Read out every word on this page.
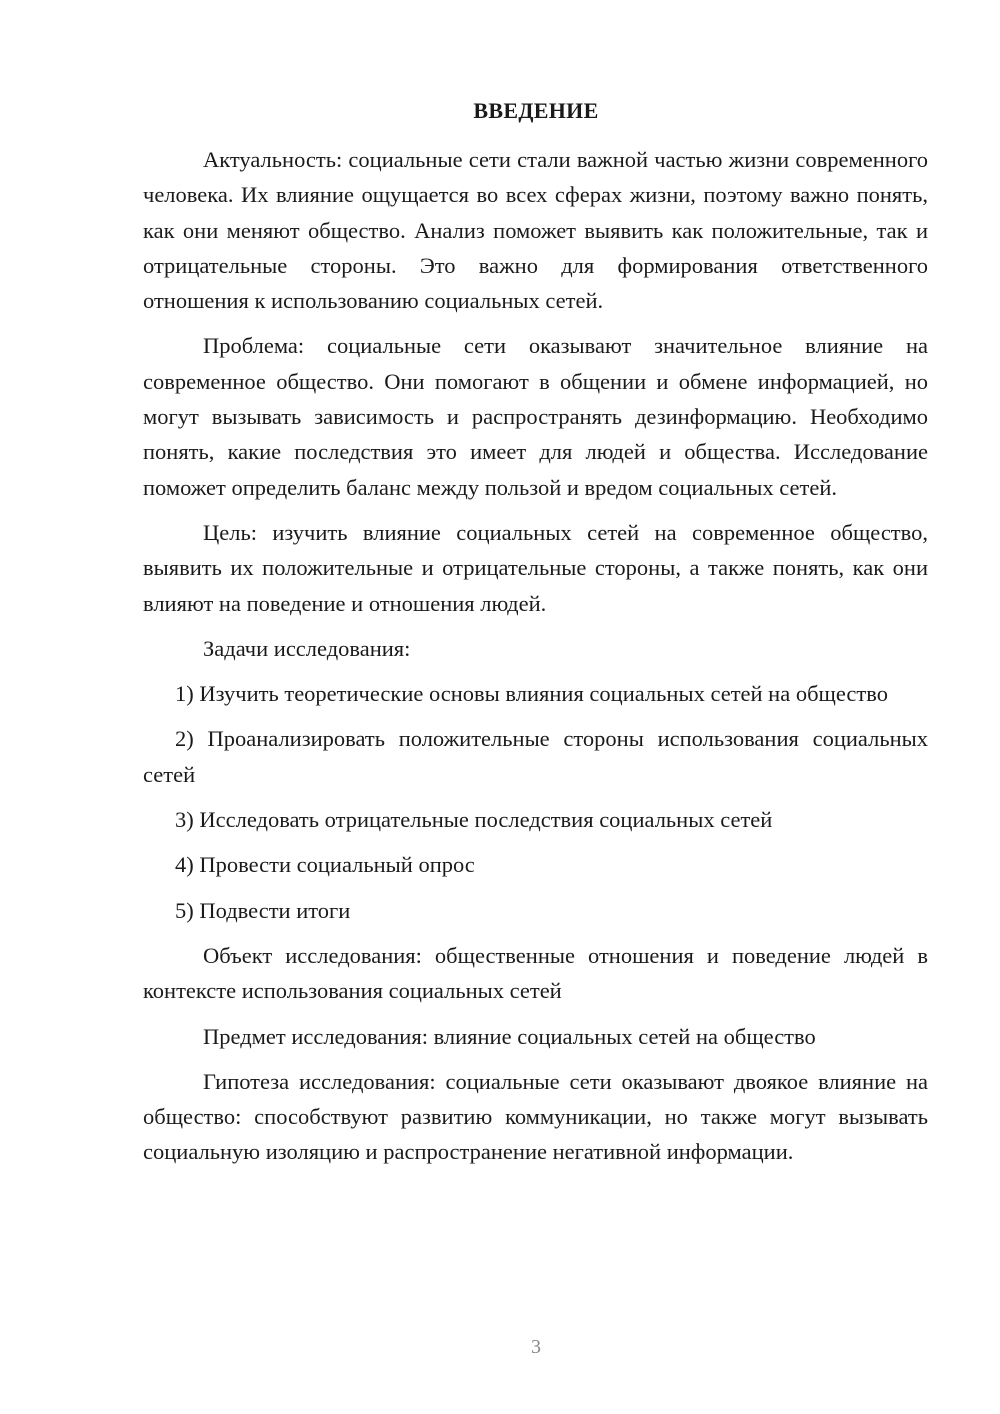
ВВЕДЕНИЕ

Актуальность: социальные сети стали важной частью жизни современного человека. Их влияние ощущается во всех сферах жизни, поэтому важно понять, как они меняют общество. Анализ поможет выявить как положительные, так и отрицательные стороны. Это важно для формирования ответственного отношения к использованию социальных сетей.

Проблема: социальные сети оказывают значительное влияние на современное общество. Они помогают в общении и обмене информацией, но могут вызывать зависимость и распространять дезинформацию. Необходимо понять, какие последствия это имеет для людей и общества. Исследование поможет определить баланс между пользой и вредом социальных сетей.

Цель: изучить влияние социальных сетей на современное общество, выявить их положительные и отрицательные стороны, а также понять, как они влияют на поведение и отношения людей.

Задачи исследования:

1) Изучить теоретические основы влияния социальных сетей на общество

2) Проанализировать положительные стороны использования социальных сетей

3) Исследовать отрицательные последствия социальных сетей

4) Провести социальный опрос

5) Подвести итоги

Объект исследования: общественные отношения и поведение людей в контексте использования социальных сетей

Предмет исследования: влияние социальных сетей на общество

Гипотеза исследования: социальные сети оказывают двоякое влияние на общество: способствуют развитию коммуникации, но также могут вызывать социальную изоляцию и распространение негативной информации.

3
